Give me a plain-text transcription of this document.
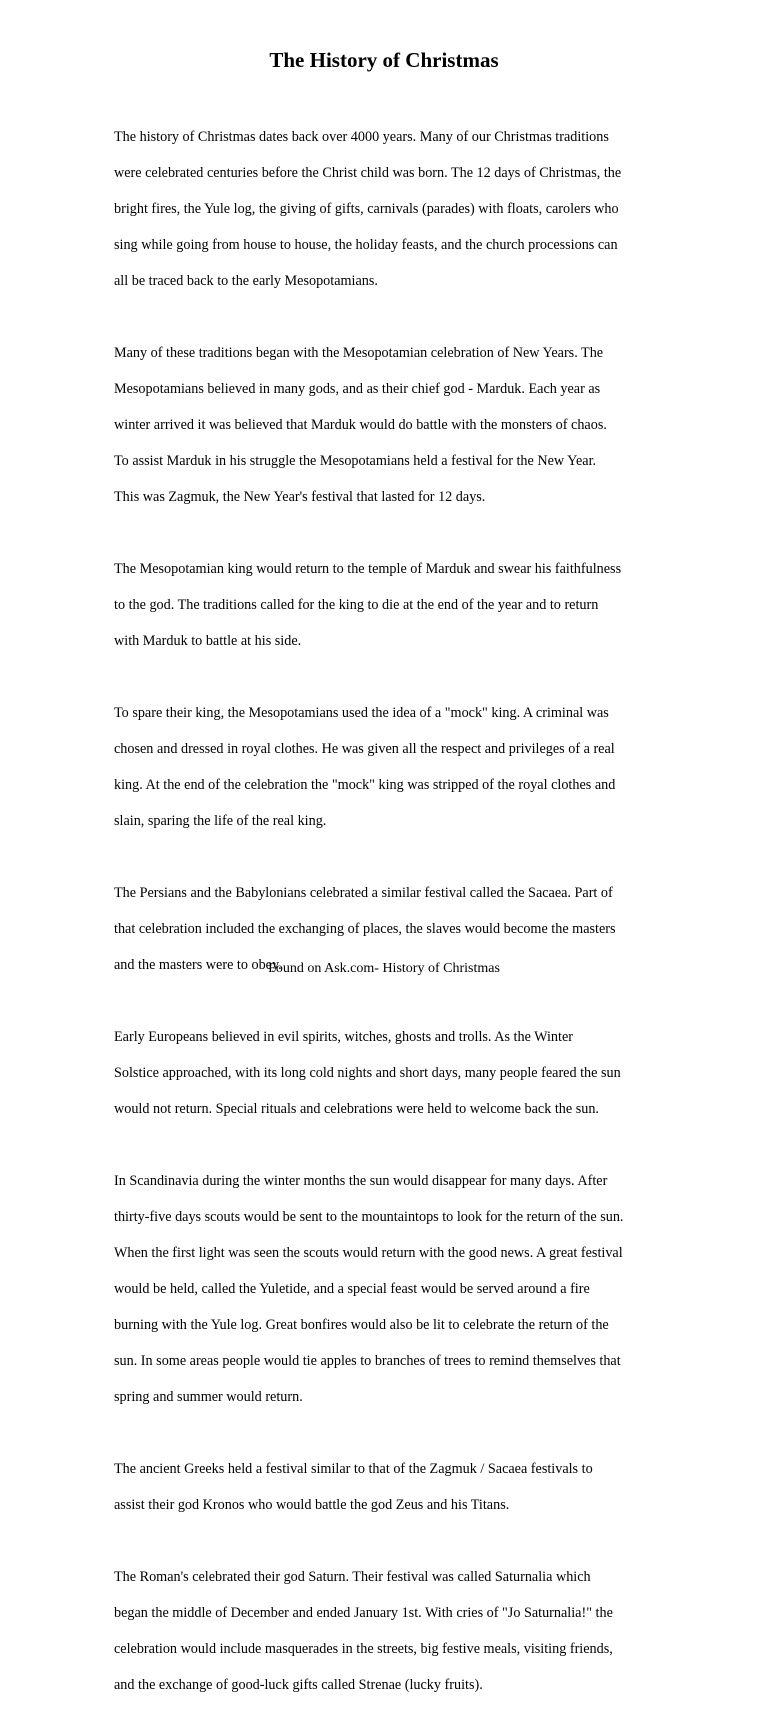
The History of Christmas

The history of Christmas dates back over 4000 years. Many of our Christmas traditions

were celebrated centuries before the Christ child was born. The 12 days of Christmas, the

bright fires, the Yule log, the giving of gifts, carnivals (parades) with floats, carolers who

sing while going from house to house, the holiday feasts, and the church processions can

all be traced back to the early Mesopotamians.

Many of these traditions began with the Mesopotamian celebration of New Years. The

Mesopotamians believed in many gods, and as their chief god - Marduk. Each year as

winter arrived it was believed that Marduk would do battle with the monsters of chaos.

To assist Marduk in his struggle the Mesopotamians held a festival for the New Year.

This was Zagmuk, the New Year's festival that lasted for 12 days.

The Mesopotamian king would return to the temple of Marduk and swear his faithfulness

to the god. The traditions called for the king to die at the end of the year and to return

with Marduk to battle at his side.

To spare their king, the Mesopotamians used the idea of a "mock" king. A criminal was

chosen and dressed in royal clothes. He was given all the respect and privileges of a real

king. At the end of the celebration the "mock" king was stripped of the royal clothes and

slain, sparing the life of the real king.

The Persians and the Babylonians celebrated a similar festival called the Sacaea. Part of

that celebration included the exchanging of places, the slaves would become the masters

and the masters were to obey.

Early Europeans believed in evil spirits, witches, ghosts and trolls. As the Winter

Solstice approached, with its long cold nights and short days, many people feared the sun

would not return. Special rituals and celebrations were held to welcome back the sun.

In Scandinavia during the winter months the sun would disappear for many days. After

thirty-five days scouts would be sent to the mountaintops to look for the return of the sun.

When the first light was seen the scouts would return with the good news. A great festival

would be held, called the Yuletide, and a special feast would be served around a fire

burning with the Yule log. Great bonfires would also be lit to celebrate the return of the

sun. In some areas people would tie apples to branches of trees to remind themselves that

spring and summer would return.

The ancient Greeks held a festival similar to that of the Zagmuk / Sacaea festivals to

assist their god Kronos who would battle the god Zeus and his Titans.

The Roman's celebrated their god Saturn. Their festival was called Saturnalia which

began the middle of December and ended January 1st. With cries of "Jo Saturnalia!" the

celebration would include masquerades in the streets, big festive meals, visiting friends,

and the exchange of good-luck gifts called Strenae (lucky fruits).

Found on Ask.com- History of Christmas
